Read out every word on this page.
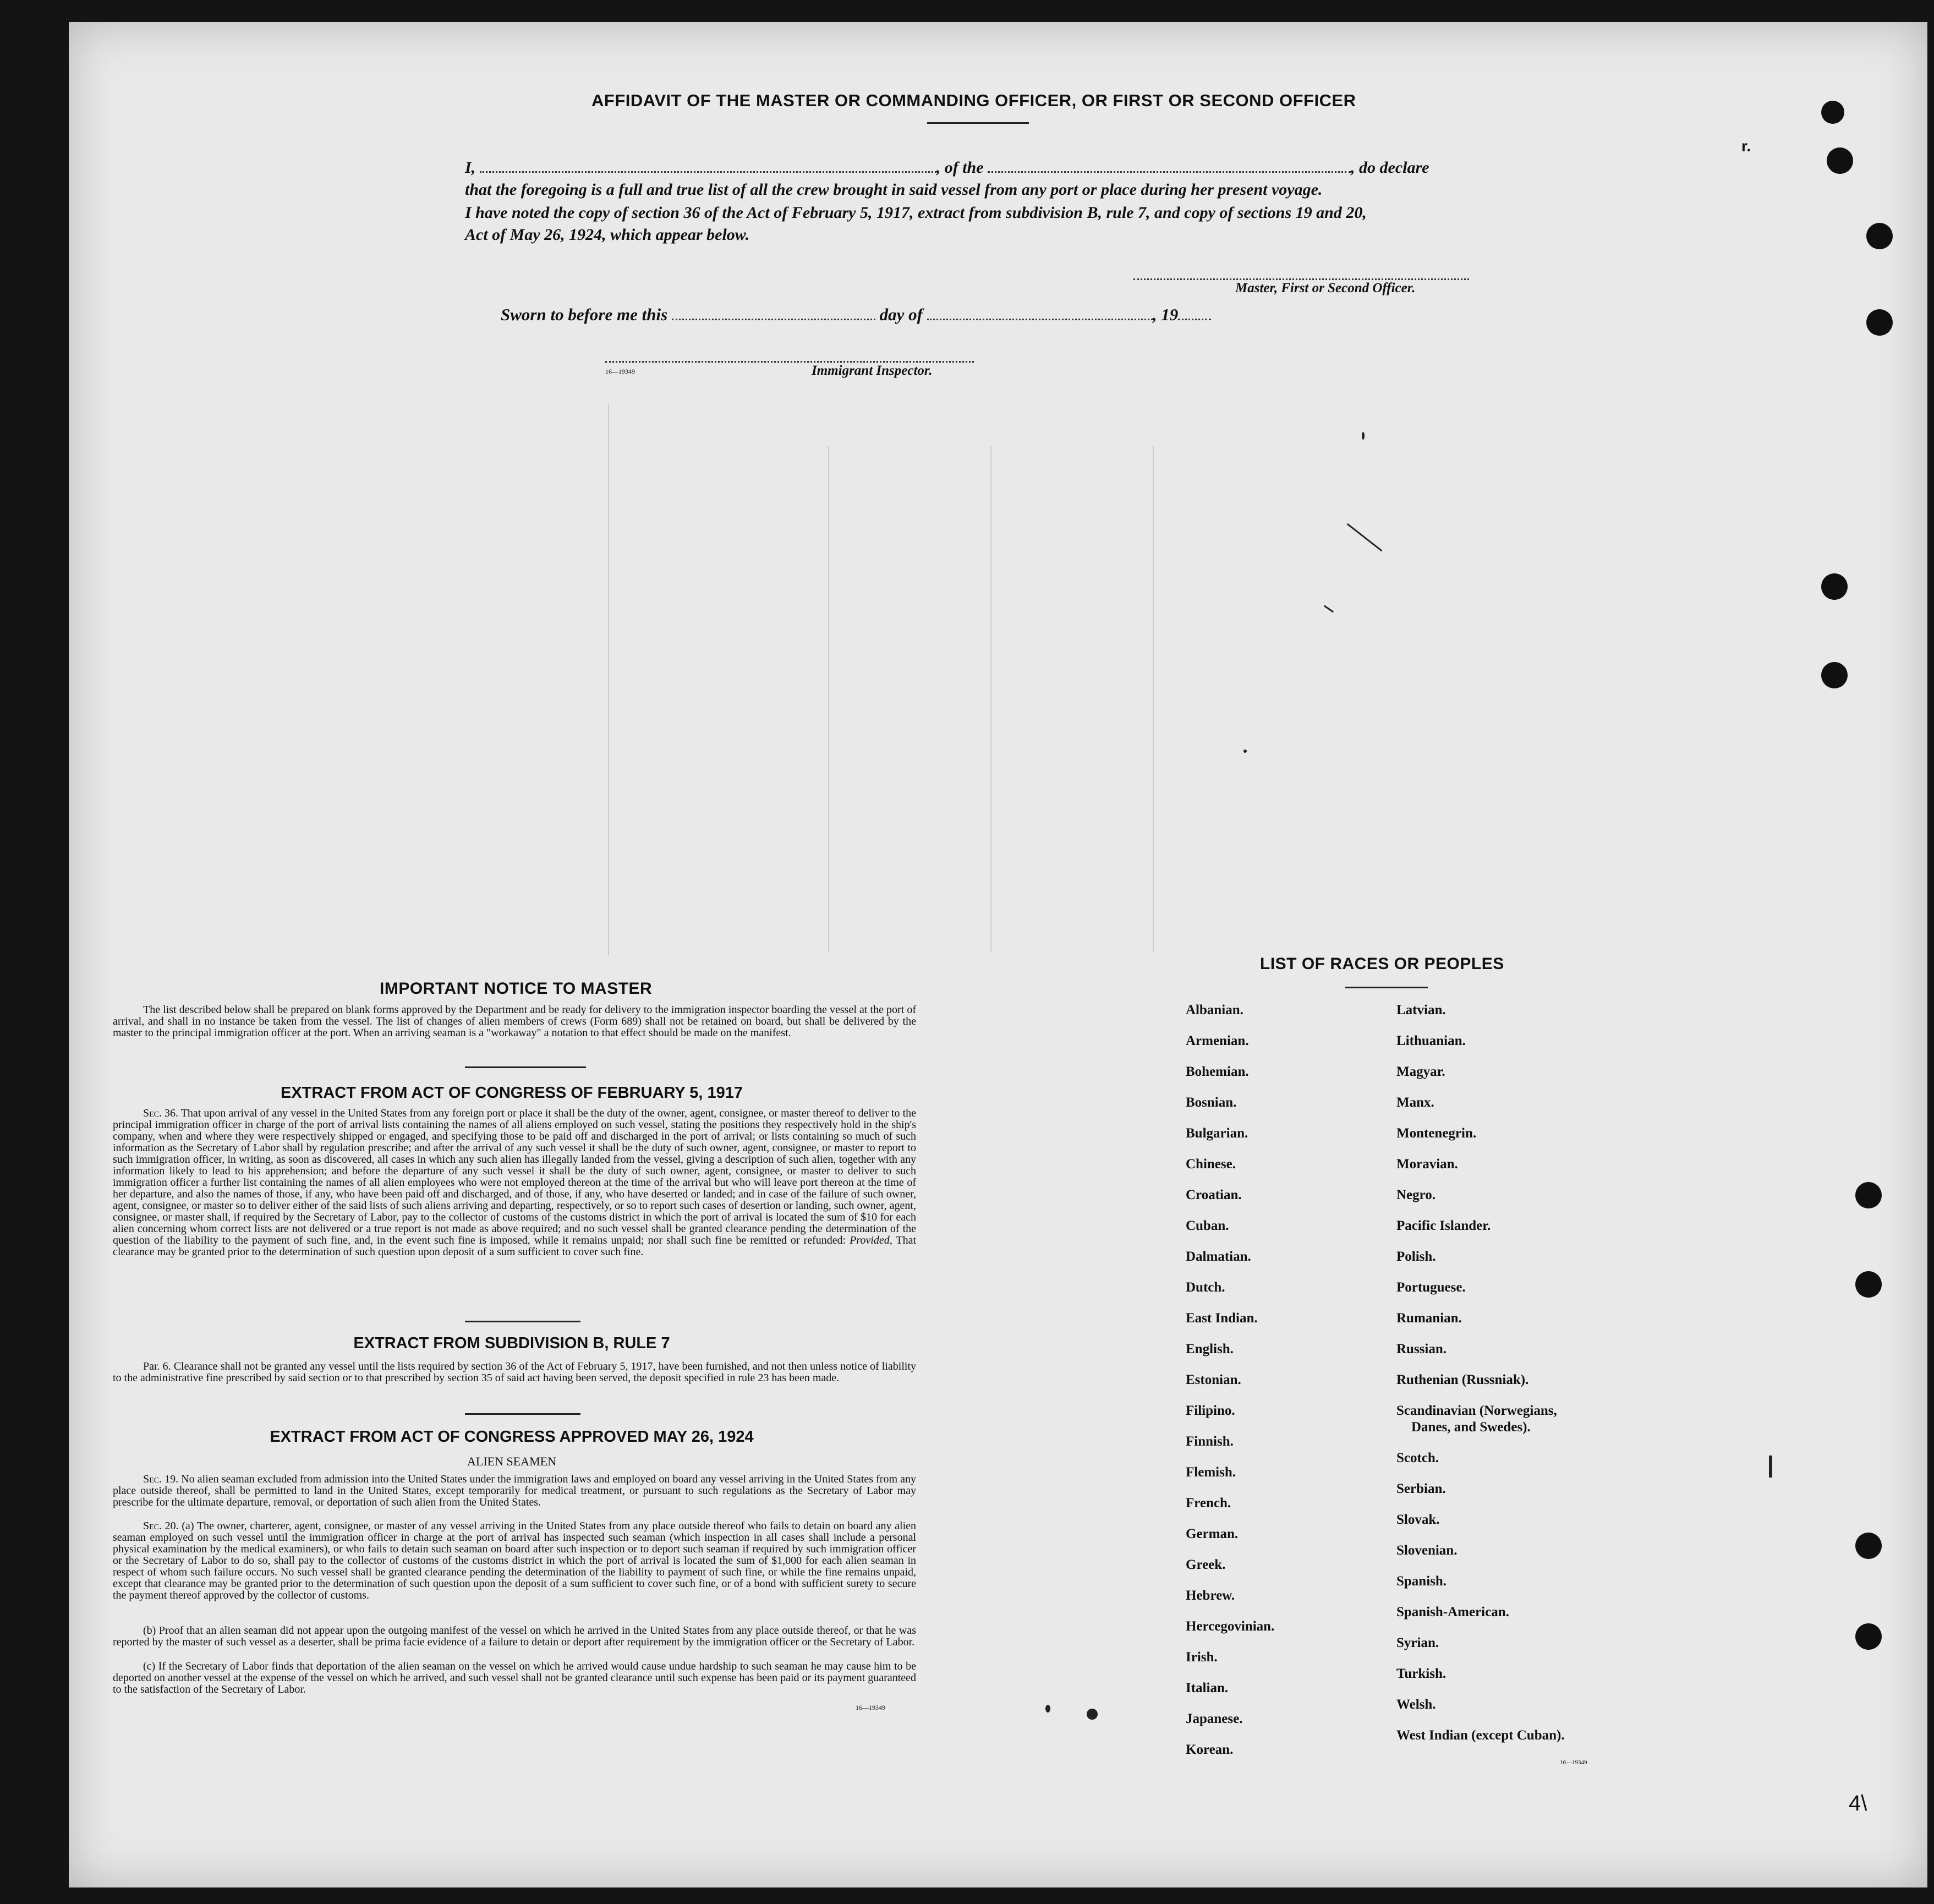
AFFIDAVIT OF THE MASTER OR COMMANDING OFFICER, OR FIRST OR SECOND OFFICER
r.
I,	, of the	, do declare
that the foregoing is a full and true list of all the crew brought in said vessel from any port or place during her present voyage.
I have noted the copy of section 36 of the Act of February 5, 1917, extract from subdivision B, rule 7, and copy of sections 19 and 20,
Act of May 26, 1924, which appear below.
Master, First or Second Officer.
Sworn to before me this	day of	, 19
16—19349	Immigrant Inspector.
IMPORTANT NOTICE TO MASTER
The list described below shall be prepared on blank forms approved by the Department and be ready for delivery to the immigration inspector boarding the vessel at the port of arrival, and shall in no instance be taken from the vessel. The list of changes of alien members of crews (Form 689) shall not be retained on board, but shall be delivered by the master to the principal immigration officer at the port. When an arriving seaman is a "workaway" a notation to that effect should be made on the manifest.
EXTRACT FROM ACT OF CONGRESS OF FEBRUARY 5, 1917
Sec. 36. That upon arrival of any vessel in the United States from any foreign port or place it shall be the duty of the owner, agent, consignee, or master thereof to deliver to the principal immigration officer in charge of the port of arrival lists containing the names of all aliens employed on such vessel, stating the positions they respectively hold in the ship's company, when and where they were respectively shipped or engaged, and specifying those to be paid off and discharged in the port of arrival; or lists containing so much of such information as the Secretary of Labor shall by regulation prescribe; and after the arrival of any such vessel it shall be the duty of such owner, agent, consignee, or master to report to such immigration officer, in writing, as soon as discovered, all cases in which any such alien has illegally landed from the vessel, giving a description of such alien, together with any information likely to lead to his apprehension; and before the departure of any such vessel it shall be the duty of such owner, agent, consignee, or master to deliver to such immigration officer a further list containing the names of all alien employees who were not employed thereon at the time of the arrival but who will leave port thereon at the time of her departure, and also the names of those, if any, who have been paid off and discharged, and of those, if any, who have deserted or landed; and in case of the failure of such owner, agent, consignee, or master so to deliver either of the said lists of such aliens arriving and departing, respectively, or so to report such cases of desertion or landing, such owner, agent, consignee, or master shall, if required by the Secretary of Labor, pay to the collector of customs of the customs district in which the port of arrival is located the sum of $10 for each alien concerning whom correct lists are not delivered or a true report is not made as above required; and no such vessel shall be granted clearance pending the determination of the question of the liability to the payment of such fine, and, in the event such fine is imposed, while it remains unpaid; nor shall such fine be remitted or refunded: Provided, That clearance may be granted prior to the determination of such question upon deposit of a sum sufficient to cover such fine.
EXTRACT FROM SUBDIVISION B, RULE 7
Par. 6. Clearance shall not be granted any vessel until the lists required by section 36 of the Act of February 5, 1917, have been furnished, and not then unless notice of liability to the administrative fine prescribed by said section or to that prescribed by section 35 of said act having been served, the deposit specified in rule 23 has been made.
EXTRACT FROM ACT OF CONGRESS APPROVED MAY 26, 1924
ALIEN SEAMEN
Sec. 19. No alien seaman excluded from admission into the United States under the immigration laws and employed on board any vessel arriving in the United States from any place outside thereof, shall be permitted to land in the United States, except temporarily for medical treatment, or pursuant to such regulations as the Secretary of Labor may prescribe for the ultimate departure, removal, or deportation of such alien from the United States.
Sec. 20. (a) The owner, charterer, agent, consignee, or master of any vessel arriving in the United States from any place outside thereof who fails to detain on board any alien seaman employed on such vessel until the immigration officer in charge at the port of arrival has inspected such seaman (which inspection in all cases shall include a personal physical examination by the medical examiners), or who fails to detain such seaman on board after such inspection or to deport such seaman if required by such immigration officer or the Secretary of Labor to do so, shall pay to the collector of customs of the customs district in which the port of arrival is located the sum of $1,000 for each alien seaman in respect of whom such failure occurs. No such vessel shall be granted clearance pending the determination of the liability to payment of such fine, or while the fine remains unpaid, except that clearance may be granted prior to the determination of such question upon the deposit of a sum sufficient to cover such fine, or of a bond with sufficient surety to secure the payment thereof approved by the collector of customs.
(b) Proof that an alien seaman did not appear upon the outgoing manifest of the vessel on which he arrived in the United States from any place outside thereof, or that he was reported by the master of such vessel as a deserter, shall be prima facie evidence of a failure to detain or deport after requirement by the immigration officer or the Secretary of Labor.
(c) If the Secretary of Labor finds that deportation of the alien seaman on the vessel on which he arrived would cause undue hardship to such seaman he may cause him to be deported on another vessel at the expense of the vessel on which he arrived, and such vessel shall not be granted clearance until such expense has been paid or its payment guaranteed to the satisfaction of the Secretary of Labor.
16—19349
LIST OF RACES OR PEOPLES
Albanian.
Armenian.
Bohemian.
Bosnian.
Bulgarian.
Chinese.
Croatian.
Cuban.
Dalmatian.
Dutch.
East Indian.
English.
Estonian.
Filipino.
Finnish.
Flemish.
French.
German.
Greek.
Hebrew.
Hercegovinian.
Irish.
Italian.
Japanese.
Korean.
Latvian.
Lithuanian.
Magyar.
Manx.
Montenegrin.
Moravian.
Negro.
Pacific Islander.
Polish.
Portuguese.
Rumanian.
Russian.
Ruthenian (Russniak).
Scandinavian (Norwegians,
Danes, and Swedes).
Scotch.
Serbian.
Slovak.
Slovenian.
Spanish.
Spanish-American.
Syrian.
Turkish.
Welsh.
West Indian (except Cuban).
16—19349
4\
